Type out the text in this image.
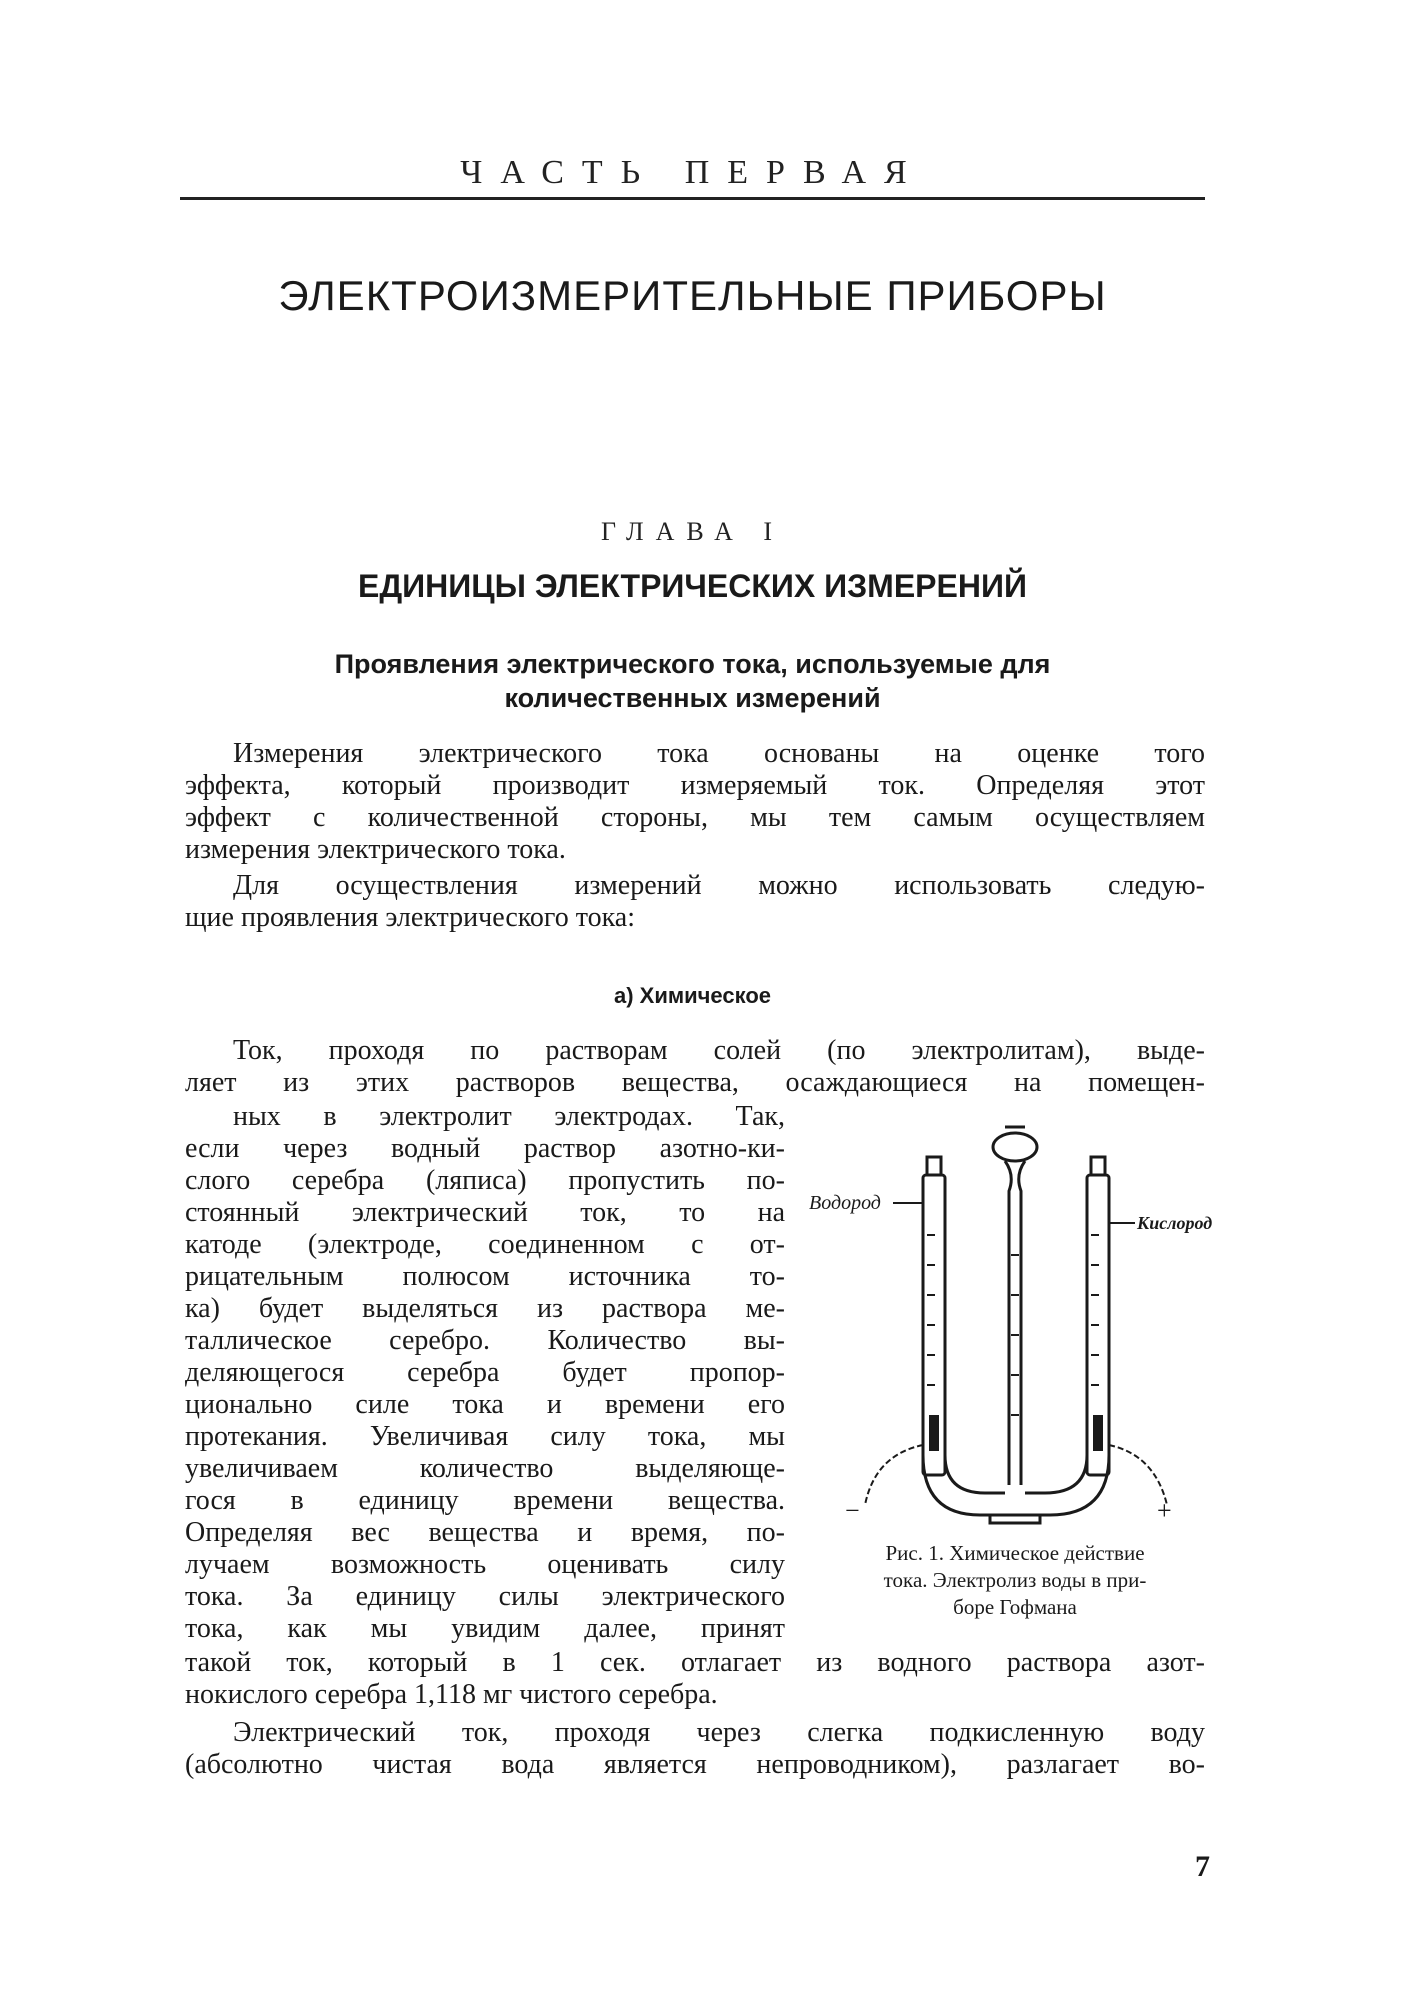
ЧАСТЬ ПЕРВАЯ
ЭЛЕКТРОИЗМЕРИТЕЛЬНЫЕ ПРИБОРЫ
ГЛАВА I
ЕДИНИЦЫ ЭЛЕКТРИЧЕСКИХ ИЗМЕРЕНИЙ
Проявления электрического тока, используемые для
количественных измерений
Измерения электрического тока основаны на оценке того
эффекта, который производит измеряемый ток. Определяя этот
эффект с количественной стороны, мы тем самым осуществляем
измерения электрического тока.
Для осуществления измерений можно использовать следую-
щие проявления электрического тока:
а) Химическое
Ток, проходя по растворам солей (по электролитам), выде-
ляет из этих растворов вещества, осаждающиеся на помещен-
ных в электролит электродах. Так,
если через водный раствор азотно-ки-
слого серебра (ляписа) пропустить по-
стоянный электрический ток, то на
катоде (электроде, соединенном с от-
рицательным полюсом источника то-
ка) будет выделяться из раствора ме-
таллическое серебро. Количество вы-
деляющегося серебра будет пропор-
ционально силе тока и времени его
протекания. Увеличивая силу тока, мы
увеличиваем количество выделяюще-
гося в единицу времени вещества.
Определяя вес вещества и время, по-
лучаем возможность оценивать силу
тока. За единицу силы электрического
тока, как мы увидим далее, принят
такой ток, который в 1 сек. отлагает из водного раствора азот-
нокислого серебра 1,118 мг чистого серебра.
Электрический ток, проходя через слегка подкисленную воду
(абсолютно чистая вода является непроводником), разлагает во-
Водород
Кислород
−	+
Рис. 1. Химическое действие
тока. Электролиз воды в при-
боре Гофмана
7
